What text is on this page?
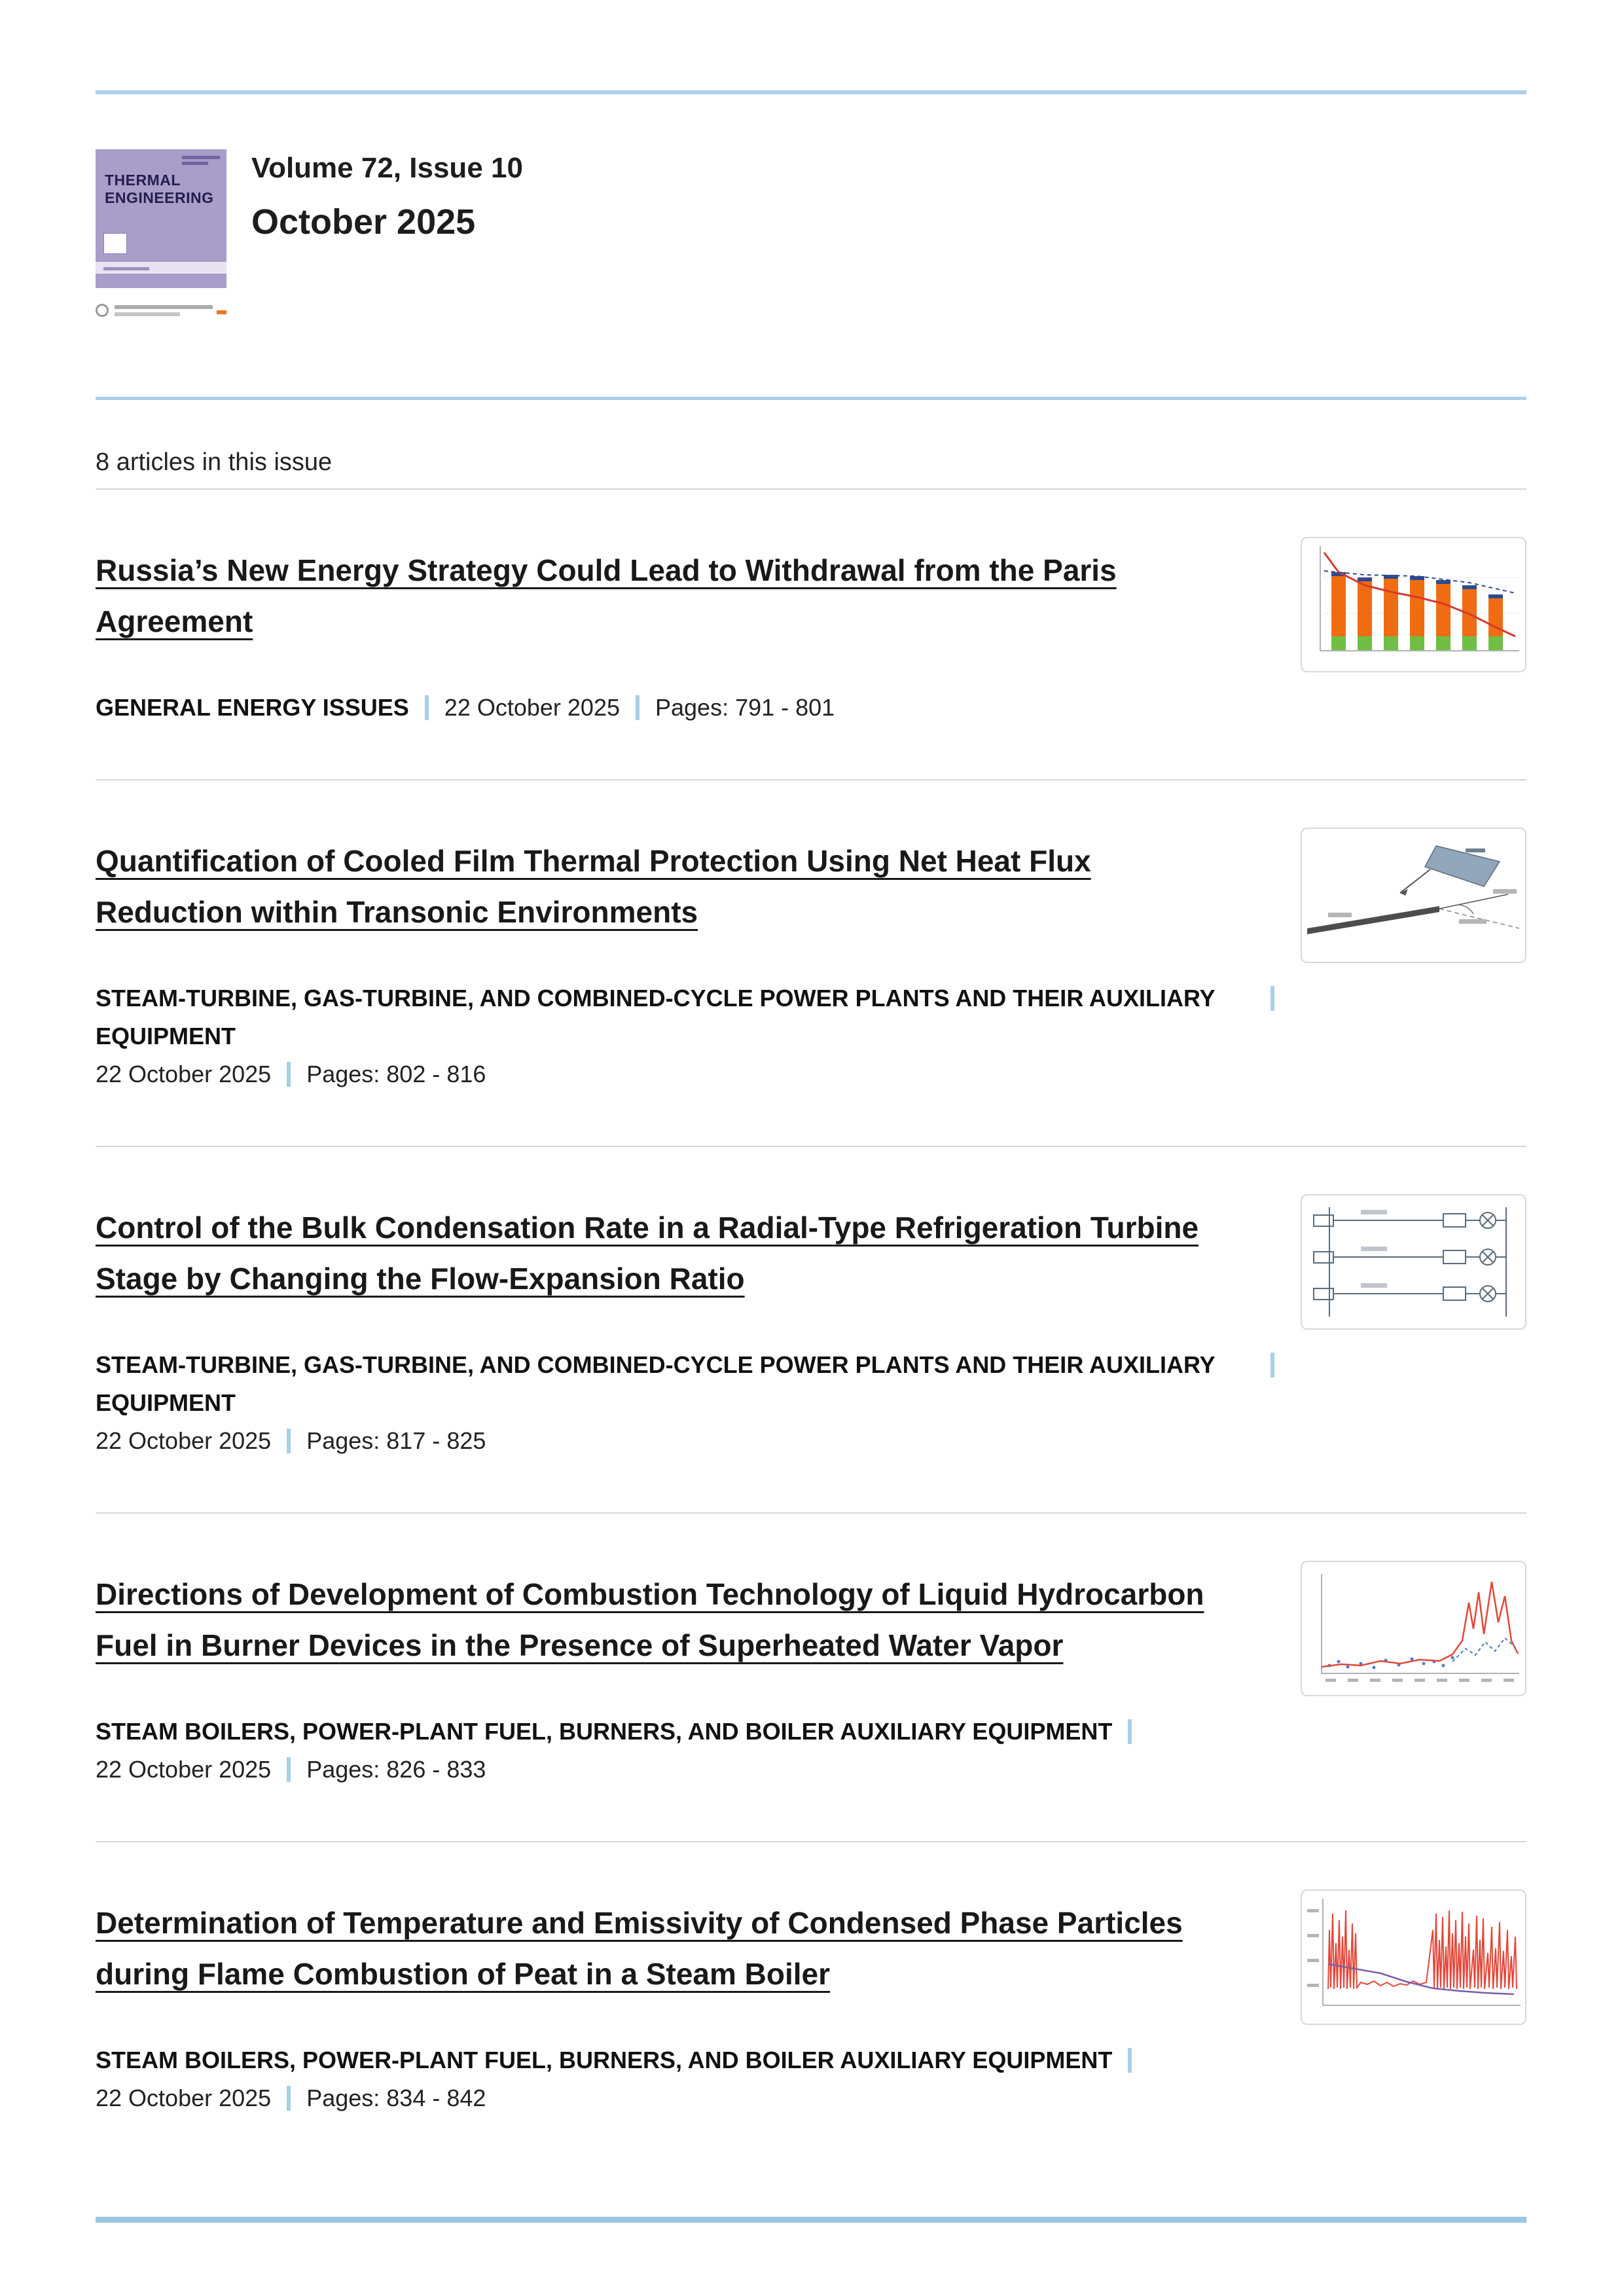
THERMAL ENGINEERING
Volume 72, Issue 10
October 2025
8 articles in this issue
Russia’s New Energy Strategy Could Lead to Withdrawal from the Paris Agreement
GENERAL ENERGY ISSUES 22 October 2025 Pages: 791 - 801
Quantification of Cooled Film Thermal Protection Using Net Heat Flux Reduction within Transonic Environments
STEAM-TURBINE, GAS-TURBINE, AND COMBINED-CYCLE POWER PLANTS AND THEIR AUXILIARY EQUIPMENT
22 October 2025 Pages: 802 - 816
Control of the Bulk Condensation Rate in a Radial-Type Refrigeration Turbine Stage by Changing the Flow-Expansion Ratio
STEAM-TURBINE, GAS-TURBINE, AND COMBINED-CYCLE POWER PLANTS AND THEIR AUXILIARY EQUIPMENT
22 October 2025 Pages: 817 - 825
Directions of Development of Combustion Technology of Liquid Hydrocarbon Fuel in Burner Devices in the Presence of Superheated Water Vapor
STEAM BOILERS, POWER-PLANT FUEL, BURNERS, AND BOILER AUXILIARY EQUIPMENT
22 October 2025 Pages: 826 - 833
Determination of Temperature and Emissivity of Condensed Phase Particles during Flame Combustion of Peat in a Steam Boiler
STEAM BOILERS, POWER-PLANT FUEL, BURNERS, AND BOILER AUXILIARY EQUIPMENT
22 October 2025 Pages: 834 - 842
